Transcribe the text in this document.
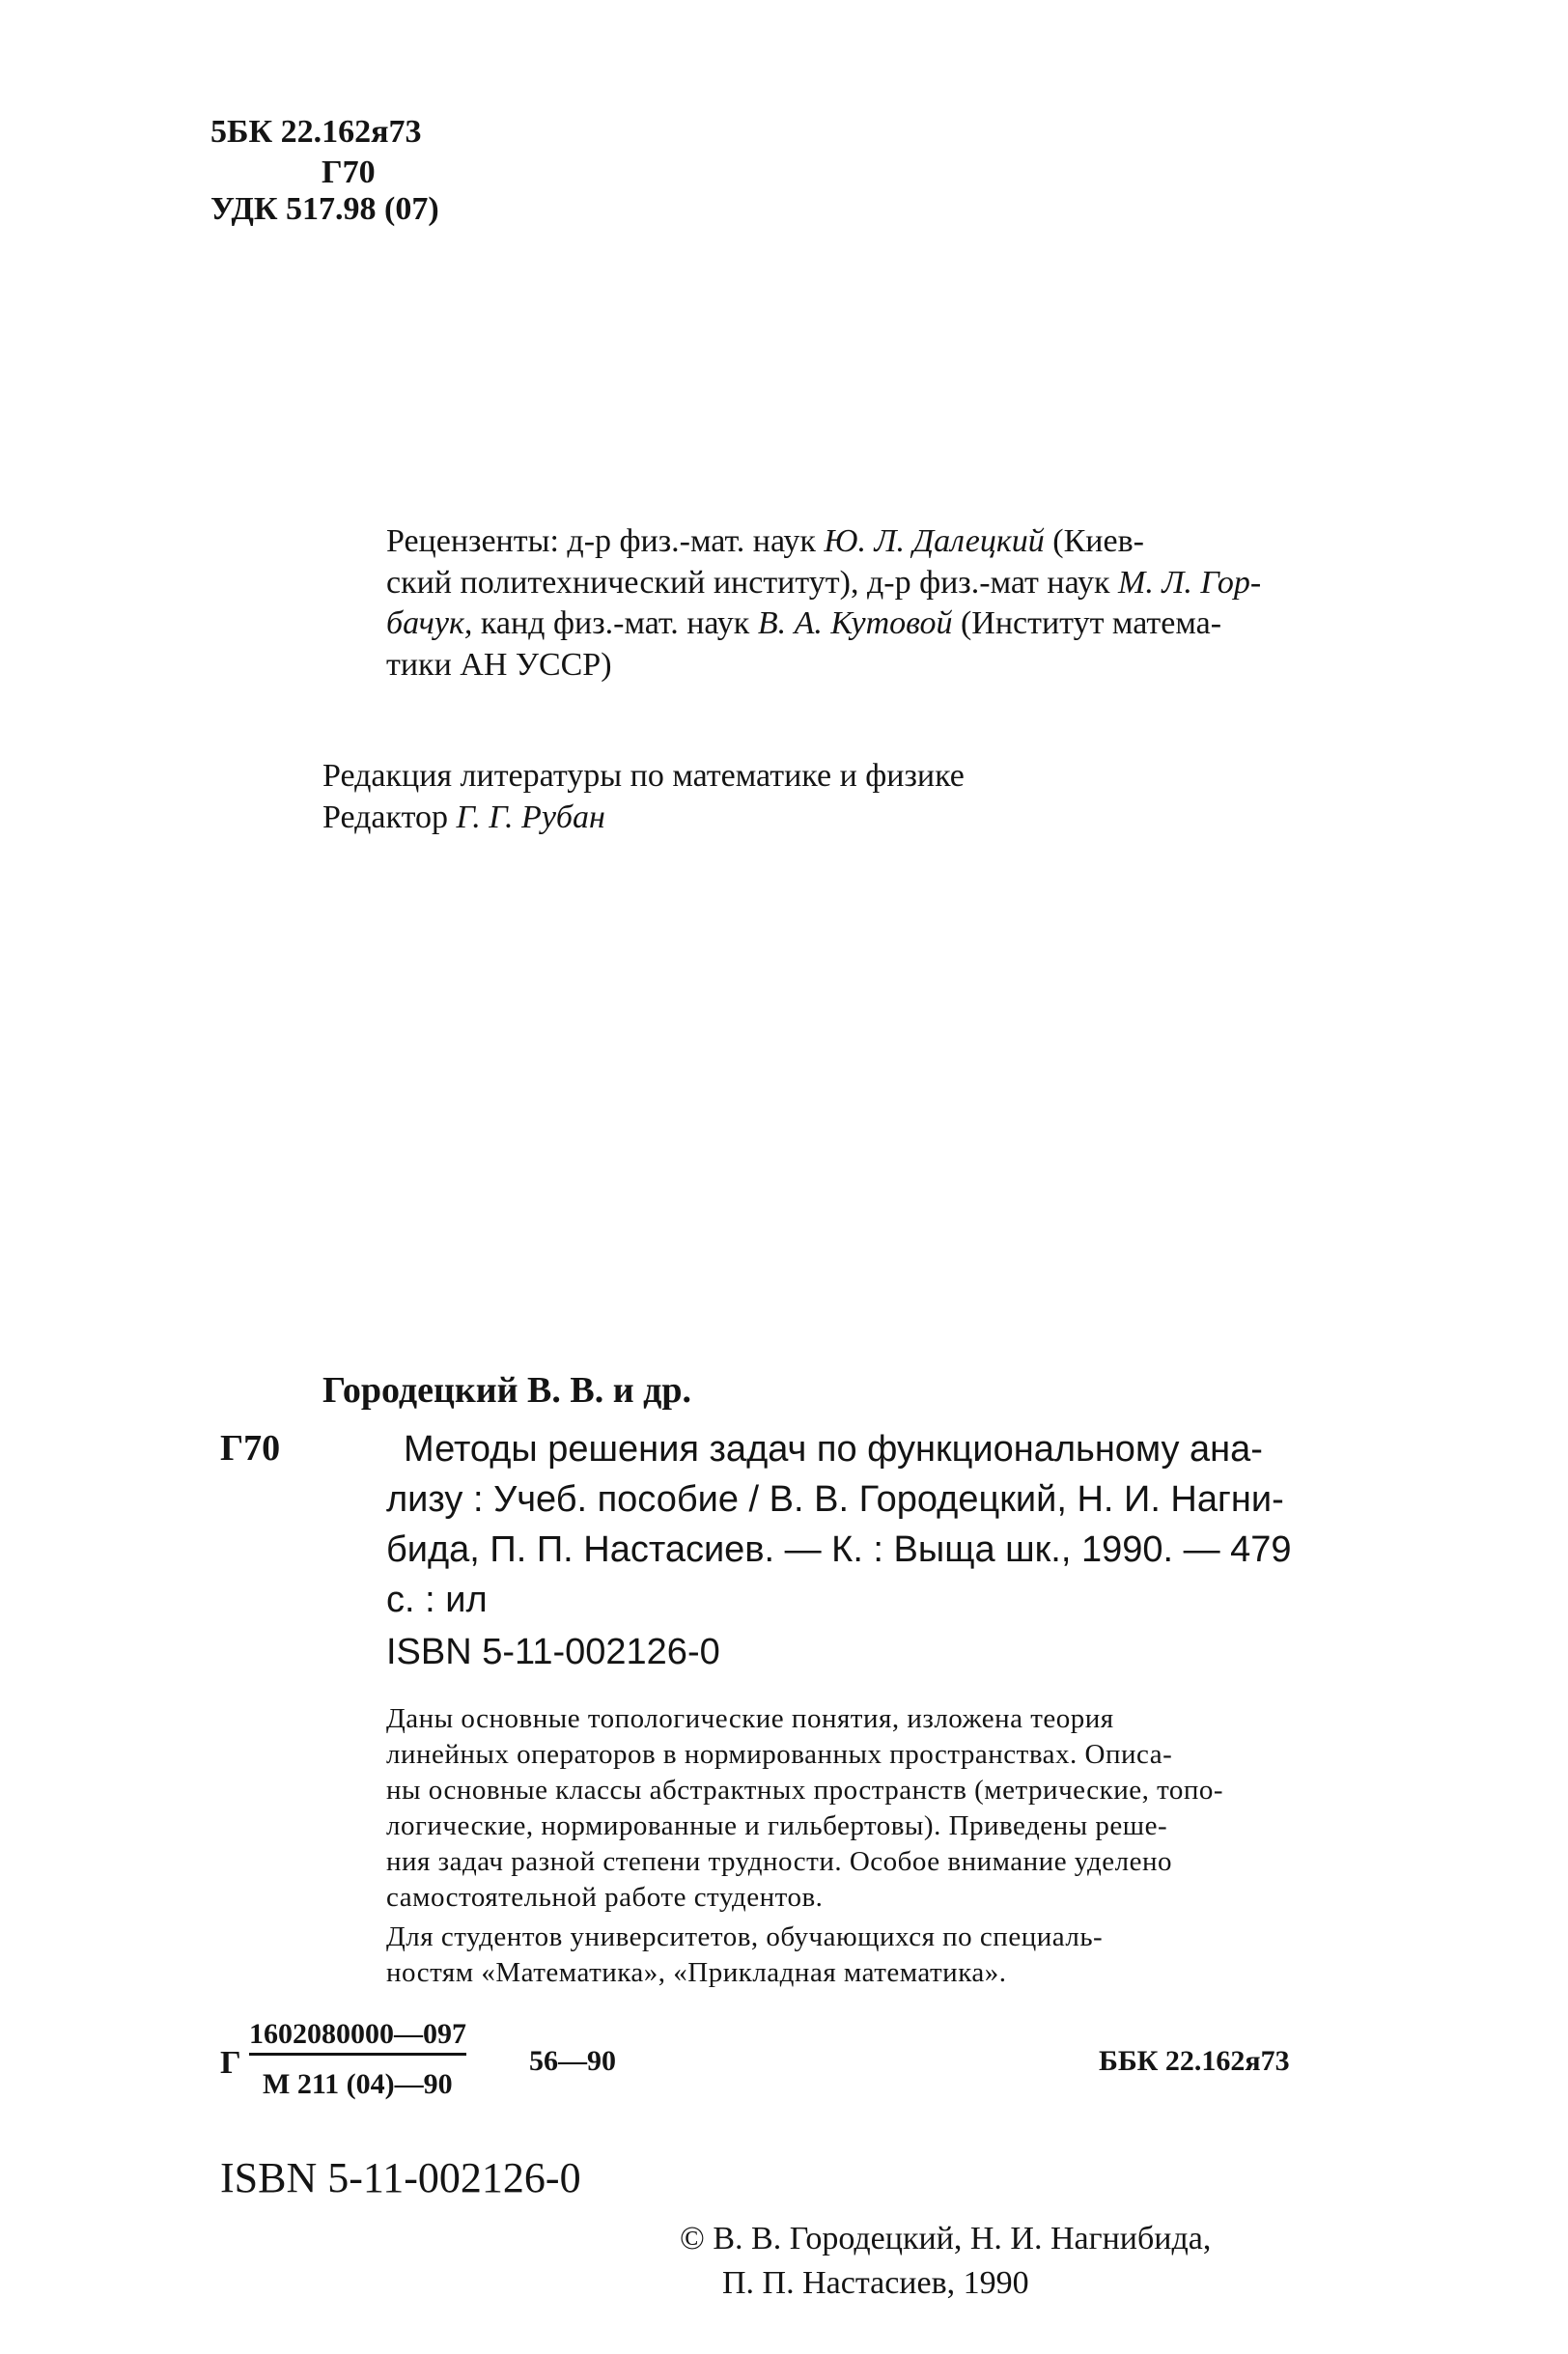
5БК 22.162я73
Г70
УДК 517.98 (07)
Рецензенты: д-р физ.-мат. наук Ю. Л. Далецкий (Киев-
ский политехнический институт), д-р физ.-мат наук М. Л. Гор-
бачук, канд физ.-мат. наук В. А. Кутовой (Институт матема-
тики АН УССР)
Редакция литературы по математике и физике
Редактор Г. Г. Рубан
Городецкий В. В. и др.
Г70	Методы решения задач по функциональному ана-
лизу : Учеб. пособие / В. В. Городецкий, Н. И. Нагни-
бида, П. П. Настасиев. — К. : Выща шк., 1990. — 479
с. : ил
ISBN 5-11-002126-0
Даны основные топологические понятия, изложена теория
линейных операторов в нормированных пространствах. Описа-
ны основные классы абстрактных пространств (метрические, топо-
логические, нормированные и гильбертовы). Приведены реше-
ния задач разной степени трудности. Особое внимание уделено
самостоятельной работе студентов.
Для студентов университетов, обучающихся по специаль-
ностям «Математика», «Прикладная математика».
Г
1602080000—097
М 211 (04)—90
56—90	ББК 22.162я73
ISBN 5-11-002126-0
© В. В. Городецкий, Н. И. Нагнибида,
П. П. Настасиев, 1990
